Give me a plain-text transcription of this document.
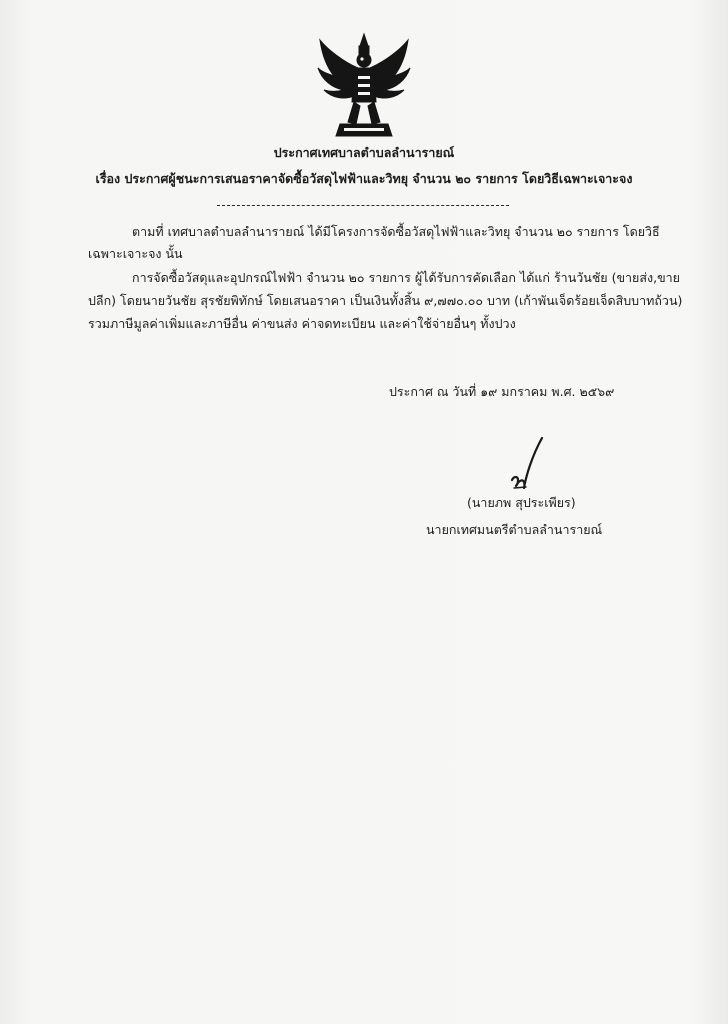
ประกาศเทศบาลตำบลลำนารายณ์
เรื่อง ประกาศผู้ชนะการเสนอราคาจัดซื้อวัสดุไฟฟ้าและวิทยุ จำนวน ๒๐ รายการ โดยวิธีเฉพาะเจาะจง
ตามที่ เทศบาลตำบลลำนารายณ์ ได้มีโครงการจัดซื้อวัสดุไฟฟ้าและวิทยุ จำนวน ๒๐ รายการ โดยวิธี
เฉพาะเจาะจง นั้น
การจัดซื้อวัสดุและอุปกรณ์ไฟฟ้า จำนวน ๒๐ รายการ ผู้ได้รับการคัดเลือก ได้แก่ ร้านวันชัย (ขายส่ง,ขาย
ปลีก) โดยนายวันชัย สุรชัยพิทักษ์ โดยเสนอราคา เป็นเงินทั้งสิ้น ๙,๗๗๐.๐๐ บาท (เก้าพันเจ็ดร้อยเจ็ดสิบบาทถ้วน)
รวมภาษีมูลค่าเพิ่มและภาษีอื่น ค่าขนส่ง ค่าจดทะเบียน และค่าใช้จ่ายอื่นๆ ทั้งปวง
ประกาศ ณ วันที่ ๑๙ มกราคม พ.ศ. ๒๕๖๙
(นายภพ สุประเพียร)
นายกเทศมนตรีตำบลลำนารายณ์
